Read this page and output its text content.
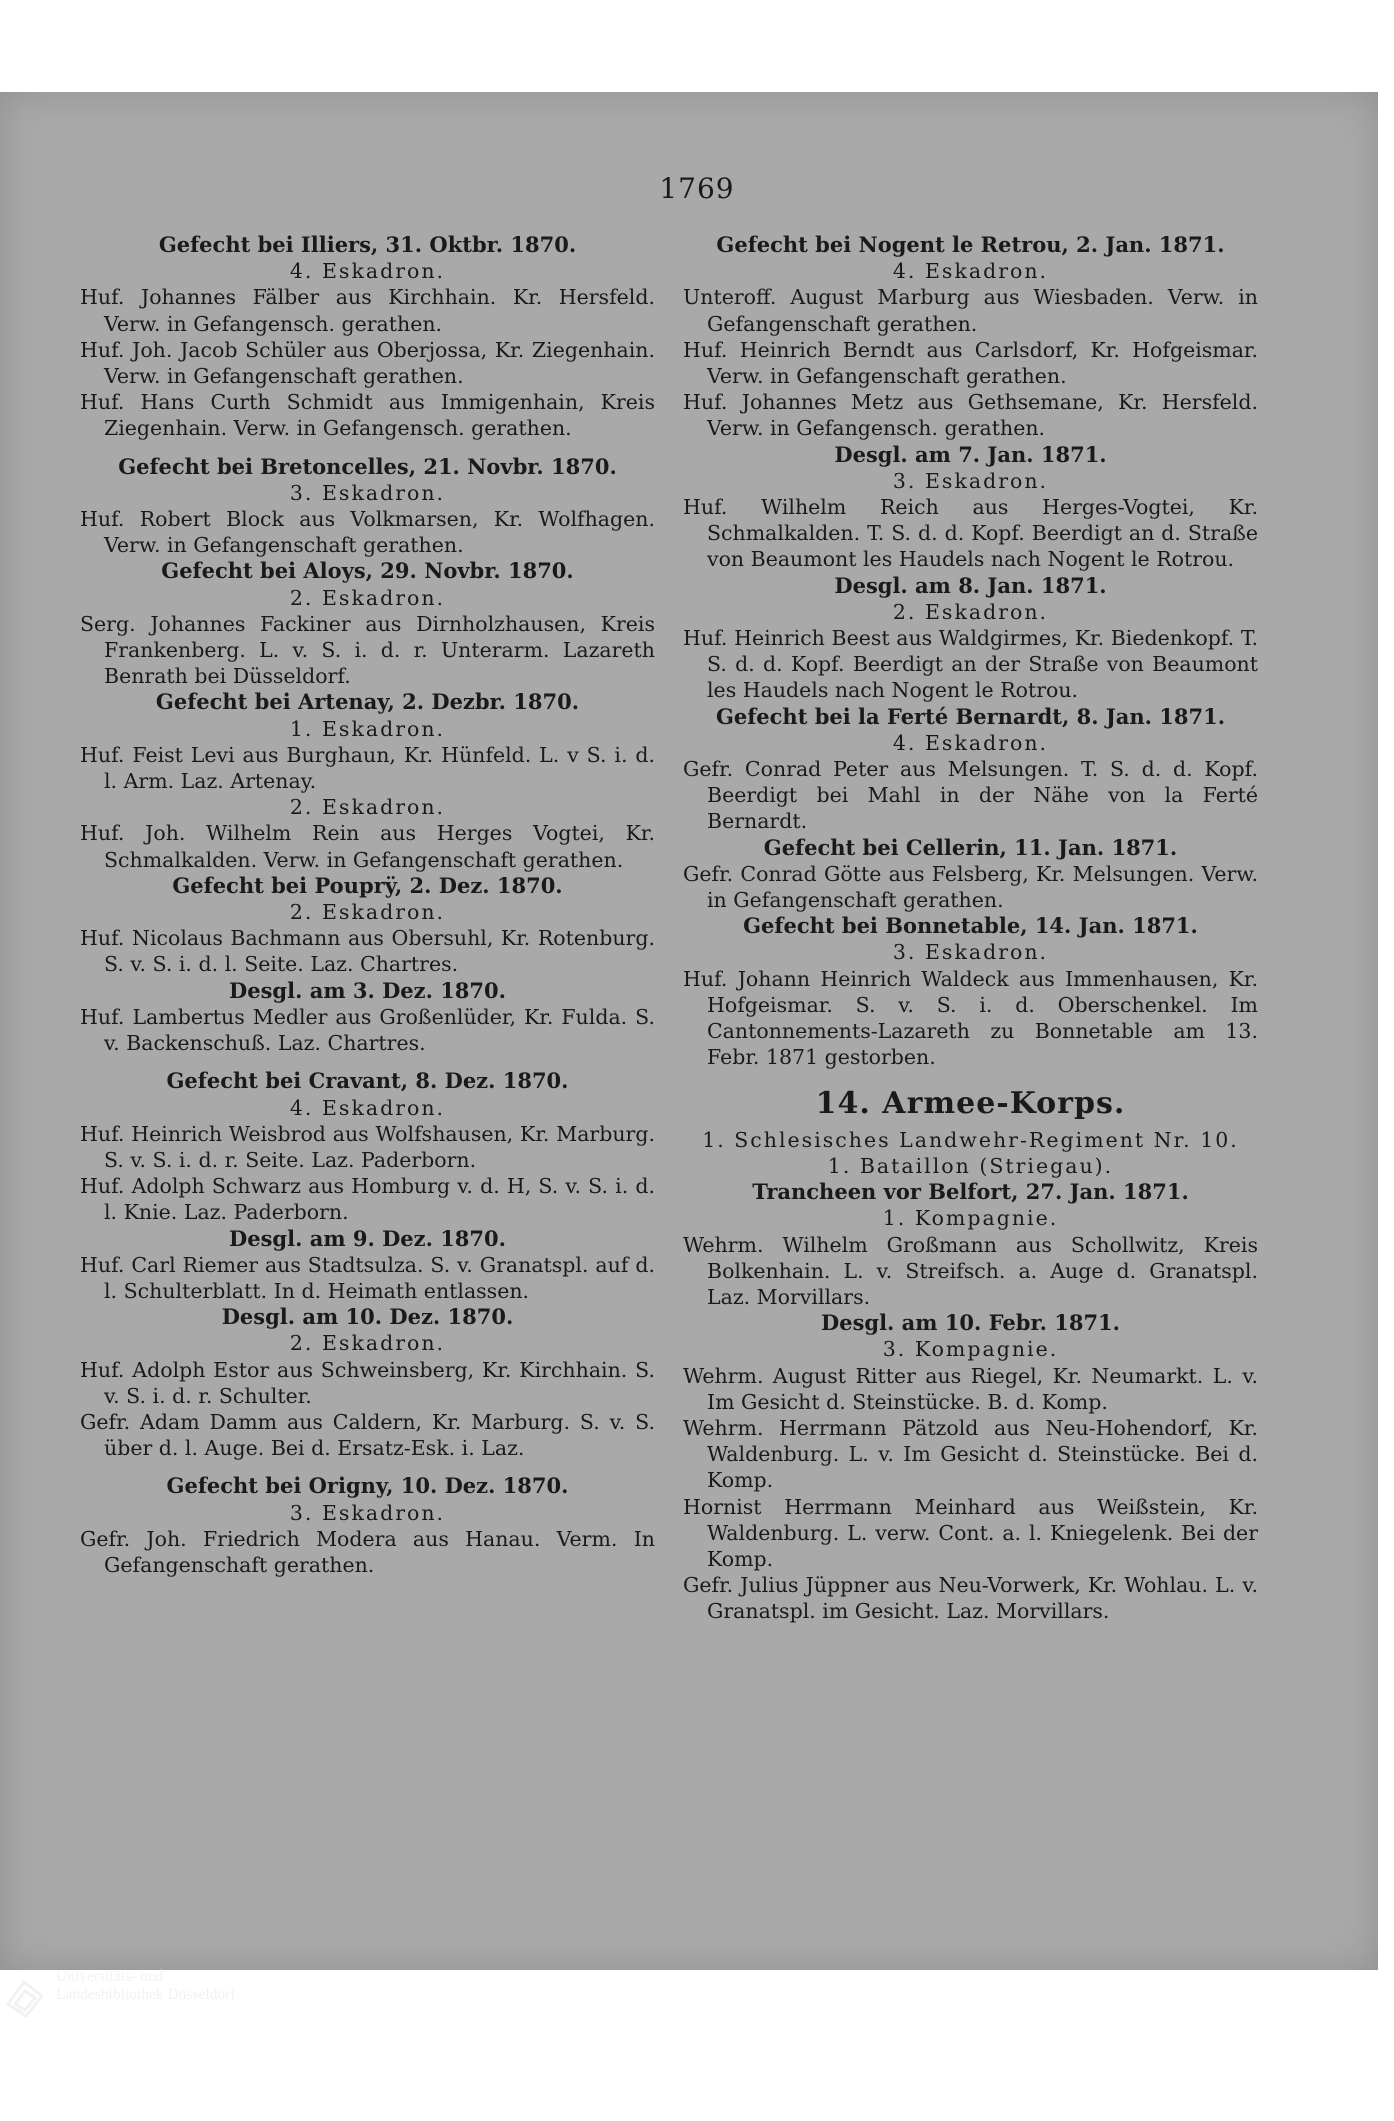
1769
Gefecht bei Illiers, 31. Oktbr. 1870.
4. Eskadron.
Huf. Johannes Fälber aus Kirchhain. Kr. Hersfeld. Verw. in Gefangensch. gerathen.
Huf. Joh. Jacob Schüler aus Oberjossa, Kr. Ziegenhain. Verw. in Gefangenschaft gerathen.
Huf. Hans Curth Schmidt aus Immigenhain, Kreis Ziegenhain. Verw. in Gefangensch. gerathen.
Gefecht bei Bretoncelles, 21. Novbr. 1870.
3. Eskadron.
Huf. Robert Block aus Volkmarsen, Kr. Wolfhagen. Verw. in Gefangenschaft gerathen.
Gefecht bei Aloys, 29. Novbr. 1870.
2. Eskadron.
Serg. Johannes Fackiner aus Dirnholzhausen, Kreis Frankenberg. L. v. S. i. d. r. Unterarm. Lazareth Benrath bei Düsseldorf.
Gefecht bei Artenay, 2. Dezbr. 1870.
1. Eskadron.
Huf. Feist Levi aus Burghaun, Kr. Hünfeld. L. v S. i. d. l. Arm. Laz. Artenay.
2. Eskadron.
Huf. Joh. Wilhelm Rein aus Herges Vogtei, Kr. Schmalkalden. Verw. in Gefangenschaft gerathen.
Gefecht bei Pouprÿ, 2. Dez. 1870.
2. Eskadron.
Huf. Nicolaus Bachmann aus Obersuhl, Kr. Rotenburg. S. v. S. i. d. l. Seite. Laz. Chartres.
Desgl. am 3. Dez. 1870.
Huf. Lambertus Medler aus Großenlüder, Kr. Fulda. S. v. Backenschuß. Laz. Chartres.
Gefecht bei Cravant, 8. Dez. 1870.
4. Eskadron.
Huf. Heinrich Weisbrod aus Wolfshausen, Kr. Marburg. S. v. S. i. d. r. Seite. Laz. Paderborn.
Huf. Adolph Schwarz aus Homburg v. d. H, S. v. S. i. d. l. Knie. Laz. Paderborn.
Desgl. am 9. Dez. 1870.
Huf. Carl Riemer aus Stadtsulza. S. v. Granatspl. auf d. l. Schulterblatt. In d. Heimath entlassen.
Desgl. am 10. Dez. 1870.
2. Eskadron.
Huf. Adolph Estor aus Schweinsberg, Kr. Kirchhain. S. v. S. i. d. r. Schulter.
Gefr. Adam Damm aus Caldern, Kr. Marburg. S. v. S. über d. l. Auge. Bei d. Ersatz-Esk. i. Laz.
Gefecht bei Origny, 10. Dez. 1870.
3. Eskadron.
Gefr. Joh. Friedrich Modera aus Hanau. Verm. In Gefangenschaft gerathen.
Gefecht bei Nogent le Retrou, 2. Jan. 1871.
4. Eskadron.
Unteroff. August Marburg aus Wiesbaden. Verw. in Gefangenschaft gerathen.
Huf. Heinrich Berndt aus Carlsdorf, Kr. Hofgeismar. Verw. in Gefangenschaft gerathen.
Huf. Johannes Metz aus Gethsemane, Kr. Hersfeld. Verw. in Gefangensch. gerathen.
Desgl. am 7. Jan. 1871.
3. Eskadron.
Huf. Wilhelm Reich aus Herges-Vogtei, Kr. Schmalkalden. T. S. d. d. Kopf. Beerdigt an d. Straße von Beaumont les Haudels nach Nogent le Rotrou.
Desgl. am 8. Jan. 1871.
2. Eskadron.
Huf. Heinrich Beest aus Waldgirmes, Kr. Biedenkopf. T. S. d. d. Kopf. Beerdigt an der Straße von Beaumont les Haudels nach Nogent le Rotrou.
Gefecht bei la Ferté Bernardt, 8. Jan. 1871.
4. Eskadron.
Gefr. Conrad Peter aus Melsungen. T. S. d. d. Kopf. Beerdigt bei Mahl in der Nähe von la Ferté Bernardt.
Gefecht bei Cellerin, 11. Jan. 1871.
Gefr. Conrad Götte aus Felsberg, Kr. Melsungen. Verw. in Gefangenschaft gerathen.
Gefecht bei Bonnetable, 14. Jan. 1871.
3. Eskadron.
Huf. Johann Heinrich Waldeck aus Immenhausen, Kr. Hofgeismar. S. v. S. i. d. Oberschenkel. Im Cantonnements-Lazareth zu Bonnetable am 13. Febr. 1871 gestorben.
14. Armee-Korps.
1. Schlesisches Landwehr-Regiment Nr. 10.
1. Bataillon (Striegau).
Trancheen vor Belfort, 27. Jan. 1871.
1. Kompagnie.
Wehrm. Wilhelm Großmann aus Schollwitz, Kreis Bolkenhain. L. v. Streifsch. a. Auge d. Granatspl. Laz. Morvillars.
Desgl. am 10. Febr. 1871.
3. Kompagnie.
Wehrm. August Ritter aus Riegel, Kr. Neumarkt. L. v. Im Gesicht d. Steinstücke. B. d. Komp.
Wehrm. Herrmann Pätzold aus Neu-Hohendorf, Kr. Waldenburg. L. v. Im Gesicht d. Steinstücke. Bei d. Komp.
Hornist Herrmann Meinhard aus Weißstein, Kr. Waldenburg. L. verw. Cont. a. l. Kniegelenk. Bei der Komp.
Gefr. Julius Jüppner aus Neu-Vorwerk, Kr. Wohlau. L. v. Granatspl. im Gesicht. Laz. Morvillars.
Universitäts- und
Landesbibliothek Düsseldorf
